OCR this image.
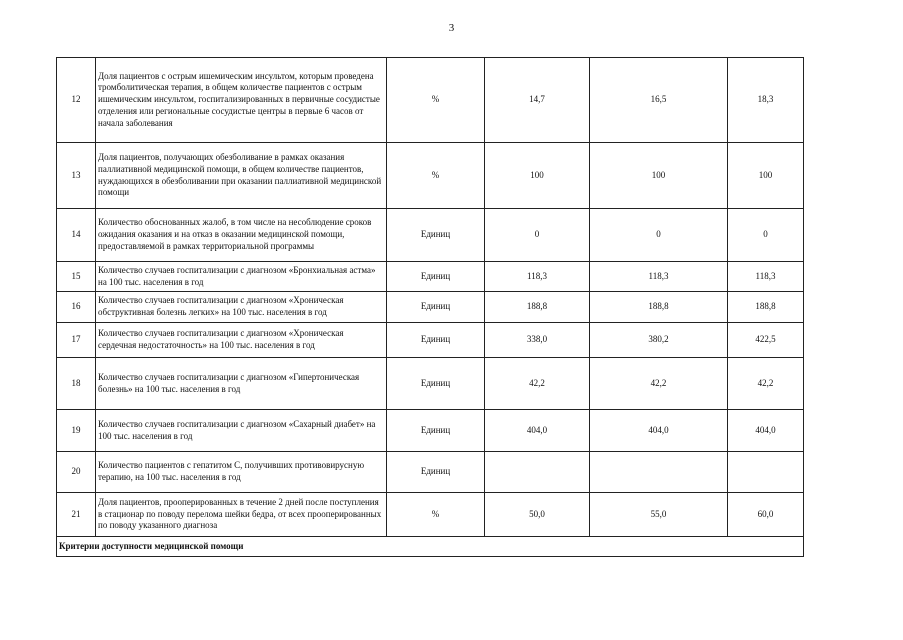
3
12	Доля пациентов с острым ишемическим инсультом, которым проведена тромболитическая терапия, в общем количестве пациентов с острым ишемическим инсультом, госпитализированных в первичные сосудистые отделения или региональные сосудистые центры в первые 6 часов от начала заболевания	%	14,7	16,5	18,3
13	Доля пациентов, получающих обезболивание в рамках оказания паллиативной медицинской помощи, в общем количестве пациентов, нуждающихся в обезболивании при оказании паллиативной медицинской помощи	%	100	100	100
14	Количество обоснованных жалоб, в том числе на несоблюдение сроков ожидания оказания и на отказ в оказании медицинской помощи, предоставляемой в рамках территориальной программы	Единиц	0	0	0
15	Количество случаев госпитализации с диагнозом «Бронхиальная астма» на 100 тыс. населения в год	Единиц	118,3	118,3	118,3
16	Количество случаев госпитализации с диагнозом «Хроническая обструктивная болезнь легких» на 100 тыс. населения в год	Единиц	188,8	188,8	188,8
17	Количество случаев госпитализации с диагнозом «Хроническая сердечная недостаточность» на 100 тыс. населения в год	Единиц	338,0	380,2	422,5
18	Количество случаев госпитализации с диагнозом «Гипертоническая болезнь» на 100 тыс. населения в год	Единиц	42,2	42,2	42,2
19	Количество случаев госпитализации с диагнозом «Сахарный диабет» на 100 тыс. населения в год	Единиц	404,0	404,0	404,0
20	Количество пациентов с гепатитом С, получивших противовирусную терапию, на 100 тыс. населения в год	Единиц			
21	Доля пациентов, прооперированных в течение 2 дней после поступления в стационар по поводу перелома шейки бедра, от всех прооперированных по поводу указанного диагноза	%	50,0	55,0	60,0
Критерии доступности медицинской помощи					
